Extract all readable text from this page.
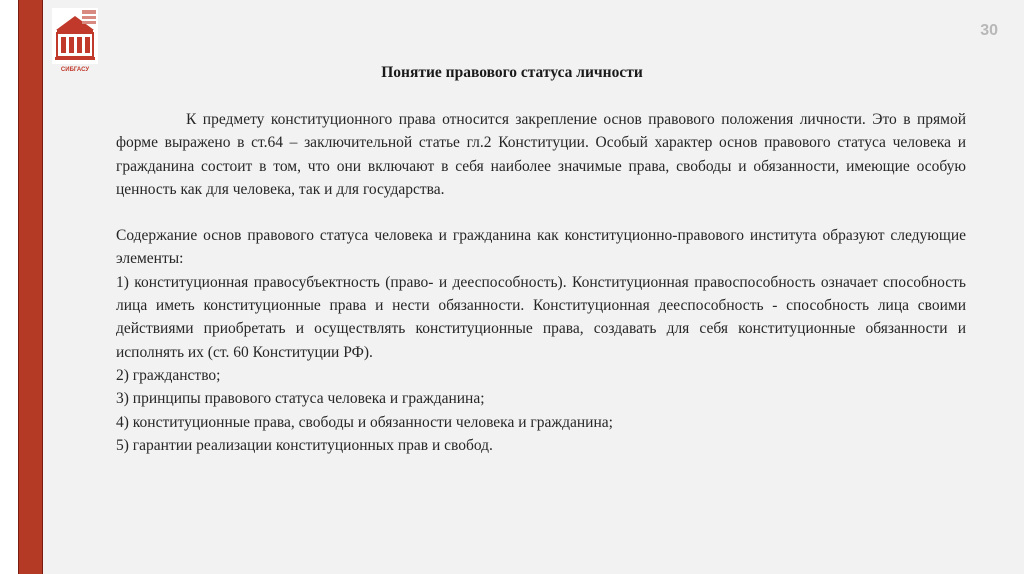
СИБГАСУ
30
Понятие правового статуса личности

К предмету конституционного права относится закрепление основ правового положения личности. Это в прямой форме выражено в ст.64 – заключительной статье гл.2 Конституции. Особый характер основ правового статуса человека и гражданина состоит в том, что они включают в себя наиболее значимые права, свободы и обязанности, имеющие особую ценность как для человека, так и для государства.

Содержание основ правового статуса человека и гражданина как конституционно-правового института образуют следующие элементы:

1) конституционная правосубъектность (право- и дееспособность). Конституционная правоспособность означает способность лица иметь конституционные права и нести обязанности. Конституционная дееспособность - способность лица своими действиями приобретать и осуществлять конституционные права, создавать для себя конституционные обязанности и исполнять их (ст. 60 Конституции РФ).

2) гражданство;

3) принципы правового статуса человека и гражданина;

4) конституционные права, свободы и обязанности человека и гражданина;

5) гарантии реализации конституционных прав и свобод.
